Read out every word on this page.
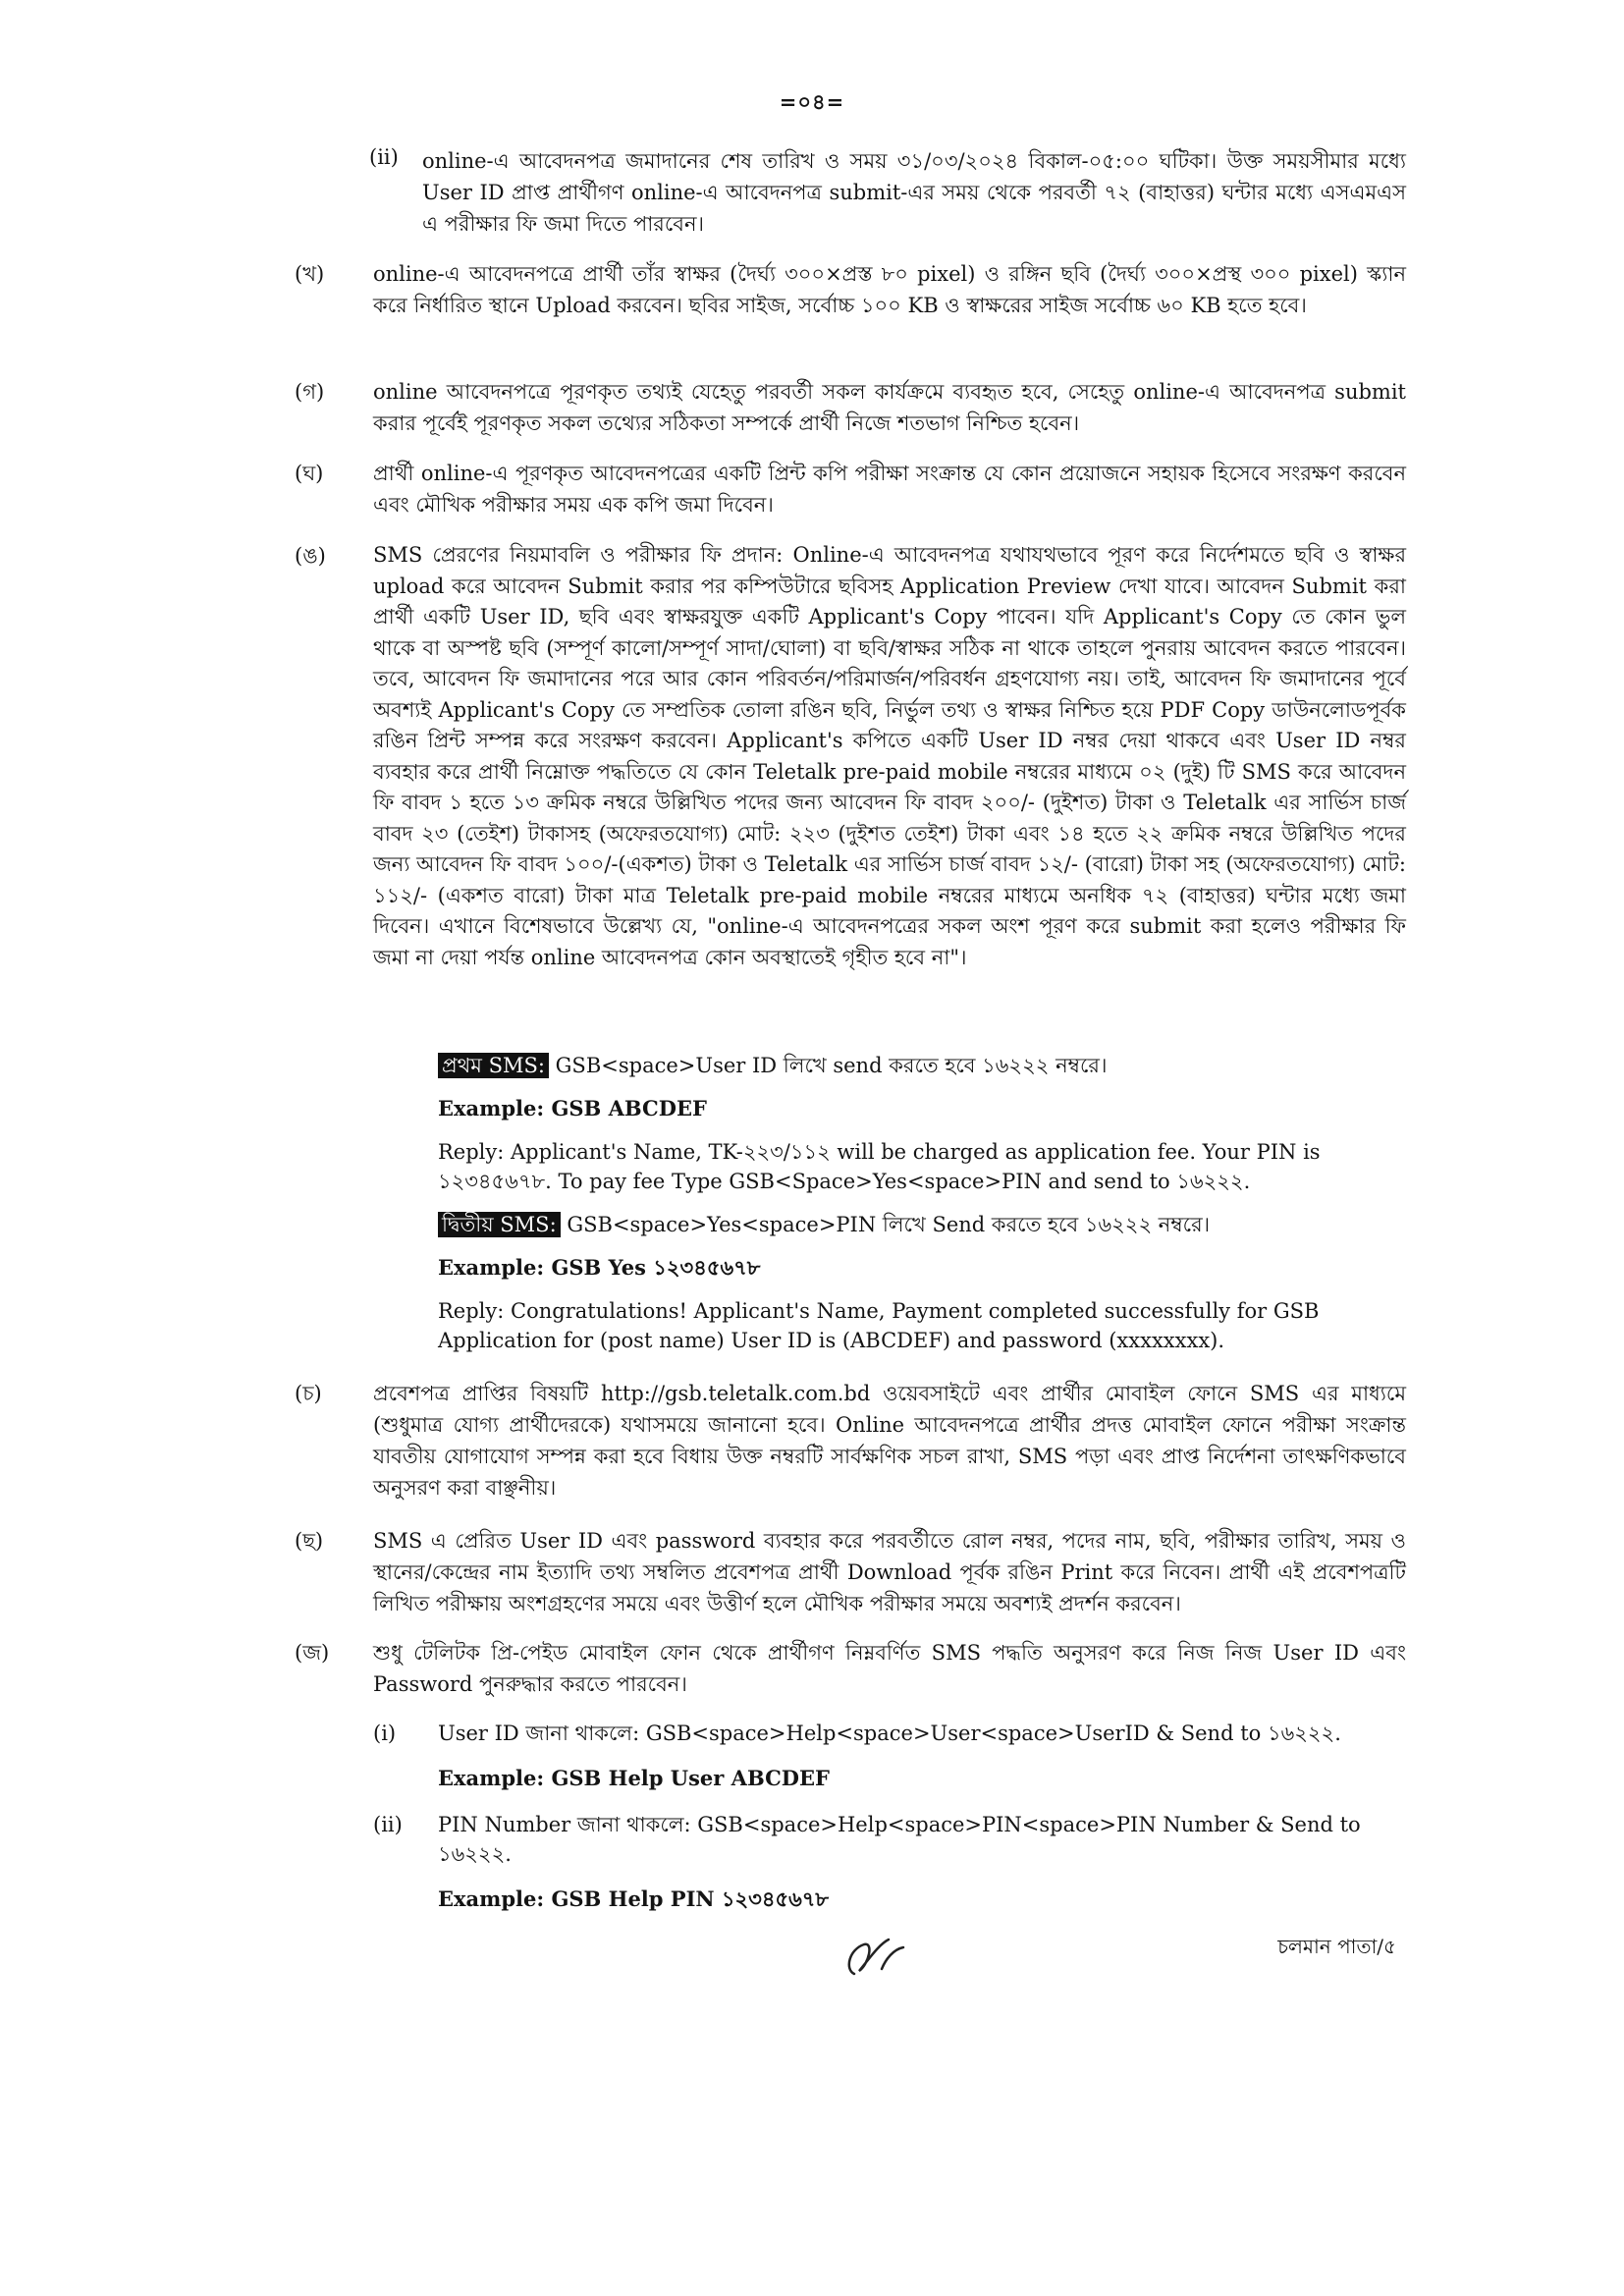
=০৪=
(ii) online-এ আবেদনপত্র জমাদানের শেষ তারিখ ও সময় ৩১/০৩/২০২৪ বিকাল-০৫:০০ ঘটিকা। উক্ত সময়সীমার মধ্যে User ID প্রাপ্ত প্রার্থীগণ online-এ আবেদনপত্র submit-এর সময় থেকে পরবর্তী ৭২ (বাহাত্তর) ঘন্টার মধ্যে এসএমএস এ পরীক্ষার ফি জমা দিতে পারবেন।
(খ) online-এ আবেদনপত্রে প্রার্থী তাঁর স্বাক্ষর (দৈর্ঘ্য ৩০০×প্রস্ত ৮০ pixel) ও রঙ্গিন ছবি (দৈর্ঘ্য ৩০০×প্রস্থ ৩০০ pixel) স্ক্যান করে নির্ধারিত স্থানে Upload করবেন। ছবির সাইজ, সর্বোচ্চ ১০০ KB ও স্বাক্ষরের সাইজ সর্বোচ্চ ৬০ KB হতে হবে।
(গ) online আবেদনপত্রে পূরণকৃত তথ্যই যেহেতু পরবর্তী সকল কার্যক্রমে ব্যবহৃত হবে, সেহেতু online-এ আবেদনপত্র submit করার পূর্বেই পূরণকৃত সকল তথ্যের সঠিকতা সম্পর্কে প্রার্থী নিজে শতভাগ নিশ্চিত হবেন।
(ঘ) প্রার্থী online-এ পূরণকৃত আবেদনপত্রের একটি প্রিন্ট কপি পরীক্ষা সংক্রান্ত যে কোন প্রয়োজনে সহায়ক হিসেবে সংরক্ষণ করবেন এবং মৌখিক পরীক্ষার সময় এক কপি জমা দিবেন।
(ঙ) SMS প্রেরণের নিয়মাবলি ও পরীক্ষার ফি প্রদান: Online-এ আবেদনপত্র যথাযথভাবে পূরণ করে নির্দেশমতে ছবি ও স্বাক্ষর upload করে আবেদন Submit করার পর কম্পিউটারে ছবিসহ Application Preview দেখা যাবে। আবেদন Submit করা প্রার্থী একটি User ID, ছবি এবং স্বাক্ষরযুক্ত একটি Applicant's Copy পাবেন। যদি Applicant's Copy তে কোন ভুল থাকে বা অস্পষ্ট ছবি (সম্পূর্ণ কালো/সম্পূর্ণ সাদা/ঘোলা) বা ছবি/স্বাক্ষর সঠিক না থাকে তাহলে পুনরায় আবেদন করতে পারবেন। তবে, আবেদন ফি জমাদানের পরে আর কোন পরিবর্তন/পরিমার্জন/পরিবর্ধন গ্রহণযোগ্য নয়। তাই, আবেদন ফি জমাদানের পূর্বে অবশ্যই Applicant's Copy তে সম্প্রতিক তোলা রঙিন ছবি, নির্ভুল তথ্য ও স্বাক্ষর নিশ্চিত হয়ে PDF Copy ডাউনলোডপূর্বক রঙিন প্রিন্ট সম্পন্ন করে সংরক্ষণ করবেন। Applicant's কপিতে একটি User ID নম্বর দেয়া থাকবে এবং User ID নম্বর ব্যবহার করে প্রার্থী নিম্নোক্ত পদ্ধতিতে যে কোন Teletalk pre-paid mobile নম্বরের মাধ্যমে ০২ (দুই) টি SMS করে আবেদন ফি বাবদ ১ হতে ১৩ ক্রমিক নম্বরে উল্লিখিত পদের জন্য আবেদন ফি বাবদ ২০০/- (দুইশত) টাকা ও Teletalk এর সার্ভিস চার্জ বাবদ ২৩ (তেইশ) টাকাসহ (অফেরতযোগ্য) মোট: ২২৩ (দুইশত তেইশ) টাকা এবং ১৪ হতে ২২ ক্রমিক নম্বরে উল্লিখিত পদের জন্য আবেদন ফি বাবদ ১০০/-(একশত) টাকা ও Teletalk এর সার্ভিস চার্জ বাবদ ১২/- (বারো) টাকা সহ (অফেরতযোগ্য) মোট: ১১২/- (একশত বারো) টাকা মাত্র Teletalk pre-paid mobile নম্বরের মাধ্যমে অনধিক ৭২ (বাহাত্তর) ঘন্টার মধ্যে জমা দিবেন। এখানে বিশেষভাবে উল্লেখ্য যে, "online-এ আবেদনপত্রের সকল অংশ পূরণ করে submit করা হলেও পরীক্ষার ফি জমা না দেয়া পর্যন্ত online আবেদনপত্র কোন অবস্থাতেই গৃহীত হবে না"।
প্রথম SMS: GSB<space>User ID লিখে send করতে হবে ১৬২২২ নম্বরে।
Example: GSB ABCDEF
Reply: Applicant's Name, TK-২২৩/১১২ will be charged as application fee. Your PIN is ১২৩৪৫৬৭৮. To pay fee Type GSB<Space>Yes<space>PIN and send to ১৬২২২.
দ্বিতীয় SMS: GSB<space>Yes<space>PIN লিখে Send করতে হবে ১৬২২২ নম্বরে।
Example: GSB Yes ১২৩৪৫৬৭৮
Reply: Congratulations! Applicant's Name, Payment completed successfully for GSB Application for (post name) User ID is (ABCDEF) and password (xxxxxxxx).
(চ) প্রবেশপত্র প্রাপ্তির বিষয়টি http://gsb.teletalk.com.bd ওয়েবসাইটে এবং প্রার্থীর মোবাইল ফোনে SMS এর মাধ্যমে (শুধুমাত্র যোগ্য প্রার্থীদেরকে) যথাসময়ে জানানো হবে। Online আবেদনপত্রে প্রার্থীর প্রদত্ত মোবাইল ফোনে পরীক্ষা সংক্রান্ত যাবতীয় যোগাযোগ সম্পন্ন করা হবে বিধায় উক্ত নম্বরটি সার্বক্ষণিক সচল রাখা, SMS পড়া এবং প্রাপ্ত নির্দেশনা তাৎক্ষণিকভাবে অনুসরণ করা বাঞ্ছনীয়।
(ছ) SMS এ প্রেরিত User ID এবং password ব্যবহার করে পরবর্তীতে রোল নম্বর, পদের নাম, ছবি, পরীক্ষার তারিখ, সময় ও স্থানের/কেন্দ্রের নাম ইত্যাদি তথ্য সম্বলিত প্রবেশপত্র প্রার্থী Download পূর্বক রঙিন Print করে নিবেন। প্রার্থী এই প্রবেশপত্রটি লিখিত পরীক্ষায় অংশগ্রহণের সময়ে এবং উত্তীর্ণ হলে মৌখিক পরীক্ষার সময়ে অবশ্যই প্রদর্শন করবেন।
(জ) শুধু টেলিটক প্রি-পেইড মোবাইল ফোন থেকে প্রার্থীগণ নিম্নবর্ণিত SMS পদ্ধতি অনুসরণ করে নিজ নিজ User ID এবং Password পুনরুদ্ধার করতে পারবেন।
(i) User ID জানা থাকলে: GSB<space>Help<space>User<space>UserID & Send to ১৬২২২.
Example: GSB Help User ABCDEF
(ii) PIN Number জানা থাকলে: GSB<space>Help<space>PIN<space>PIN Number & Send to ১৬২২২.
Example: GSB Help PIN ১২৩৪৫৬৭৮
চলমান পাতা/৫
